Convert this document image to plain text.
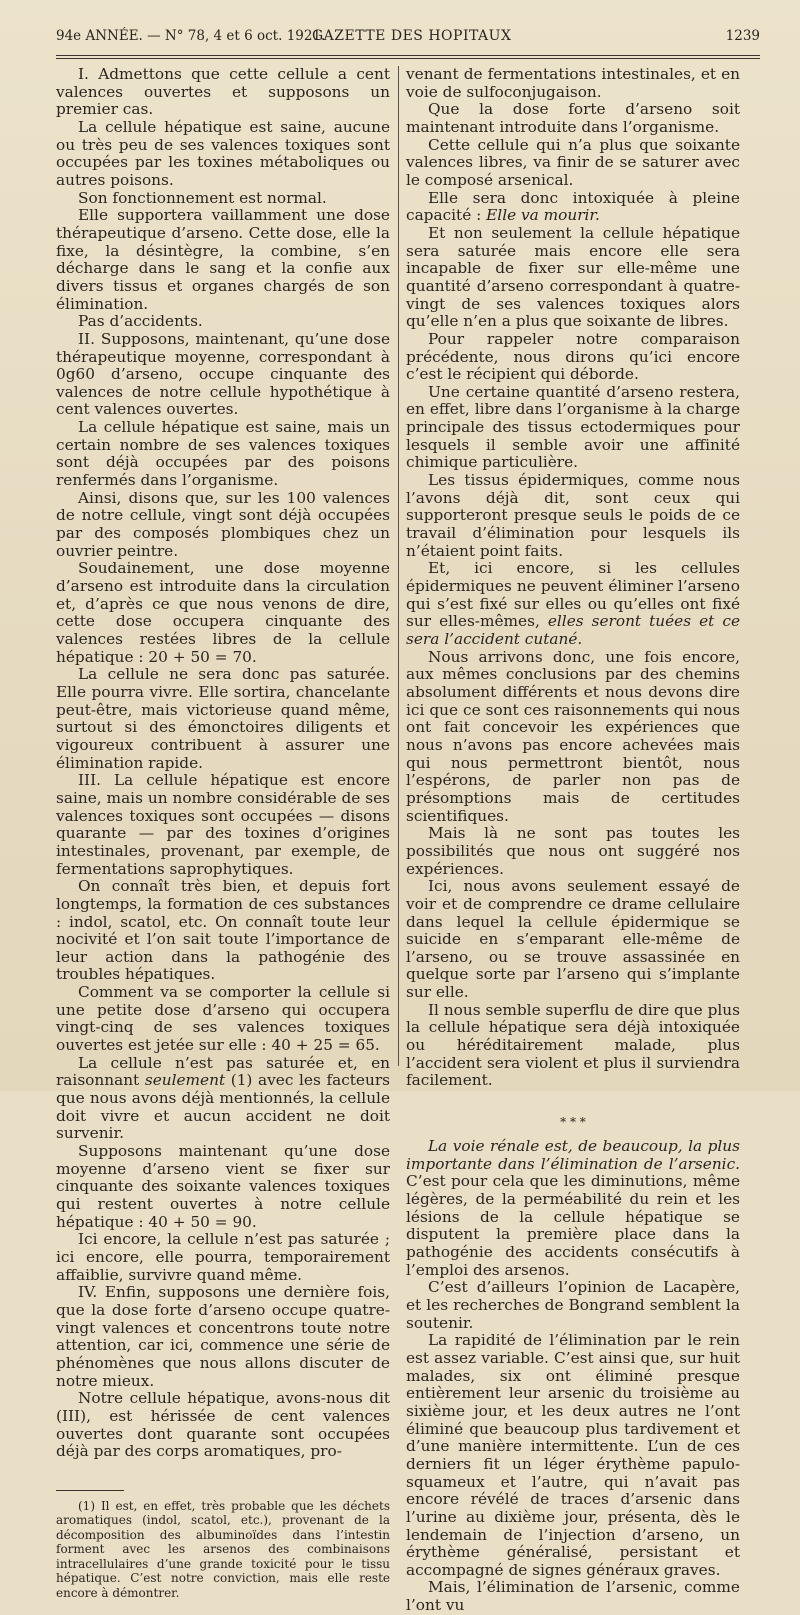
94e ANNÉE. — N° 78, 4 et 6 oct. 1921.
GAZETTE DES HOPITAUX	1239

I. Admettons que cette cellule a cent valences ouvertes et supposons un premier cas.

La cellule hépatique est saine, aucune ou très peu de ses valences toxiques sont occupées par les toxines métaboliques ou autres poisons.

Son fonctionnement est normal.

Elle supportera vaillamment une dose thérapeutique d’arseno. Cette dose, elle la fixe, la désintègre, la combine, s’en décharge dans le sang et la confie aux divers tissus et organes chargés de son élimination.

Pas d’accidents.

II. Supposons, maintenant, qu’une dose thérapeutique moyenne, correspondant à 0g60 d’arseno, occupe cinquante des valences de notre cellule hypothétique à cent valences ouvertes.

La cellule hépatique est saine, mais un certain nombre de ses valences toxiques sont déjà occupées par des poisons renfermés dans l’organisme.

Ainsi, disons que, sur les 100 valences de notre cellule, vingt sont déjà occupées par des composés plombiques chez un ouvrier peintre.

Soudainement, une dose moyenne d’arseno est introduite dans la circulation et, d’après ce que nous venons de dire, cette dose occupera cinquante des valences restées libres de la cellule hépatique : 20 + 50 = 70.

La cellule ne sera donc pas saturée. Elle pourra vivre. Elle sortira, chancelante peut-être, mais victorieuse quand même, surtout si des émonctoires diligents et vigoureux contribuent à assurer une élimination rapide.

III. La cellule hépatique est encore saine, mais un nombre considérable de ses valences toxiques sont occupées — disons quarante — par des toxines d’origines intestinales, provenant, par exemple, de fermentations saprophytiques.

On connaît très bien, et depuis fort longtemps, la formation de ces substances : indol, scatol, etc. On connaît toute leur nocivité et l’on sait toute l’importance de leur action dans la pathogénie des troubles hépatiques.

Comment va se comporter la cellule si une petite dose d’arseno qui occupera vingt-cinq de ses valences toxiques ouvertes est jetée sur elle : 40 + 25 = 65.

La cellule n’est pas saturée et, en raisonnant seulement (1) avec les facteurs que nous avons déjà mentionnés, la cellule doit vivre et aucun accident ne doit survenir.

Supposons maintenant qu’une dose moyenne d’arseno vient se fixer sur cinquante des soixante valences toxiques qui restent ouvertes à notre cellule hépatique : 40 + 50 = 90.

Ici encore, la cellule n’est pas saturée ; ici encore, elle pourra, temporairement affaiblie, survivre quand même.

IV. Enfin, supposons une dernière fois, que la dose forte d’arseno occupe quatre-vingt valences et concentrons toute notre attention, car ici, commence une série de phénomènes que nous allons discuter de notre mieux.

Notre cellule hépatique, avons-nous dit (III), est hérissée de cent valences ouvertes dont quarante sont occupées déjà par des corps aromatiques, pro-

(1) Il est, en effet, très probable que les déchets aromatiques (indol, scatol, etc.), provenant de la décomposition des albuminoïdes dans l’intestin forment avec les arsenos des combinaisons intracellulaires d’une grande toxicité pour le tissu hépatique. C’est notre conviction, mais elle reste encore à démontrer.

venant de fermentations intestinales, et en voie de sulfoconjugaison.

Que la dose forte d’arseno soit maintenant introduite dans l’organisme.

Cette cellule qui n’a plus que soixante valences libres, va finir de se saturer avec le composé arsenical.

Elle sera donc intoxiquée à pleine capacité : Elle va mourir.

Et non seulement la cellule hépatique sera saturée mais encore elle sera incapable de fixer sur elle-même une quantité d’arseno correspondant à quatre-vingt de ses valences toxiques alors qu’elle n’en a plus que soixante de libres.

Pour rappeler notre comparaison précédente, nous dirons qu’ici encore c’est le récipient qui déborde.

Une certaine quantité d’arseno restera, en effet, libre dans l’organisme à la charge principale des tissus ectodermiques pour lesquels il semble avoir une affinité chimique particulière.

Les tissus épidermiques, comme nous l’avons déjà dit, sont ceux qui supporteront presque seuls le poids de ce travail d’élimination pour lesquels ils n’étaient point faits.

Et, ici encore, si les cellules épidermiques ne peuvent éliminer l’arseno qui s’est fixé sur elles ou qu’elles ont fixé sur elles-mêmes, elles seront tuées et ce sera l’accident cutané.

Nous arrivons donc, une fois encore, aux mêmes conclusions par des chemins absolument différents et nous devons dire ici que ce sont ces raisonnements qui nous ont fait concevoir les expériences que nous n’avons pas encore achevées mais qui nous permettront bientôt, nous l’espérons, de parler non pas de présomptions mais de certitudes scientifiques.

Mais là ne sont pas toutes les possibilités que nous ont suggéré nos expériences.

Ici, nous avons seulement essayé de voir et de comprendre ce drame cellulaire dans lequel la cellule épidermique se suicide en s’emparant elle-même de l’arseno, ou se trouve assassinée en quelque sorte par l’arseno qui s’implante sur elle.

Il nous semble superflu de dire que plus la cellule hépatique sera déjà intoxiquée ou héréditairement malade, plus l’accident sera violent et plus il surviendra facilement.

* * *

La voie rénale est, de beaucoup, la plus importante dans l’élimination de l’arsenic. C’est pour cela que les diminutions, même légères, de la perméabilité du rein et les lésions de la cellule hépatique se disputent la première place dans la pathogénie des accidents consécutifs à l’emploi des arsenos.

C’est d’ailleurs l’opinion de Lacapère, et les recherches de Bongrand semblent la soutenir.

La rapidité de l’élimination par le rein est assez variable. C’est ainsi que, sur huit malades, six ont éliminé presque entièrement leur arsenic du troisième au sixième jour, et les deux autres ne l’ont éliminé que beaucoup plus tardivement et d’une manière intermittente. L’un de ces derniers fit un léger érythème papulo-squameux et l’autre, qui n’avait pas encore révélé de traces d’arsenic dans l’urine au dixième jour, présenta, dès le lendemain de l’injection d’arseno, un érythème généralisé, persistant et accompagné de signes généraux graves.

Mais, l’élimination de l’arsenic, comme l’ont vu
